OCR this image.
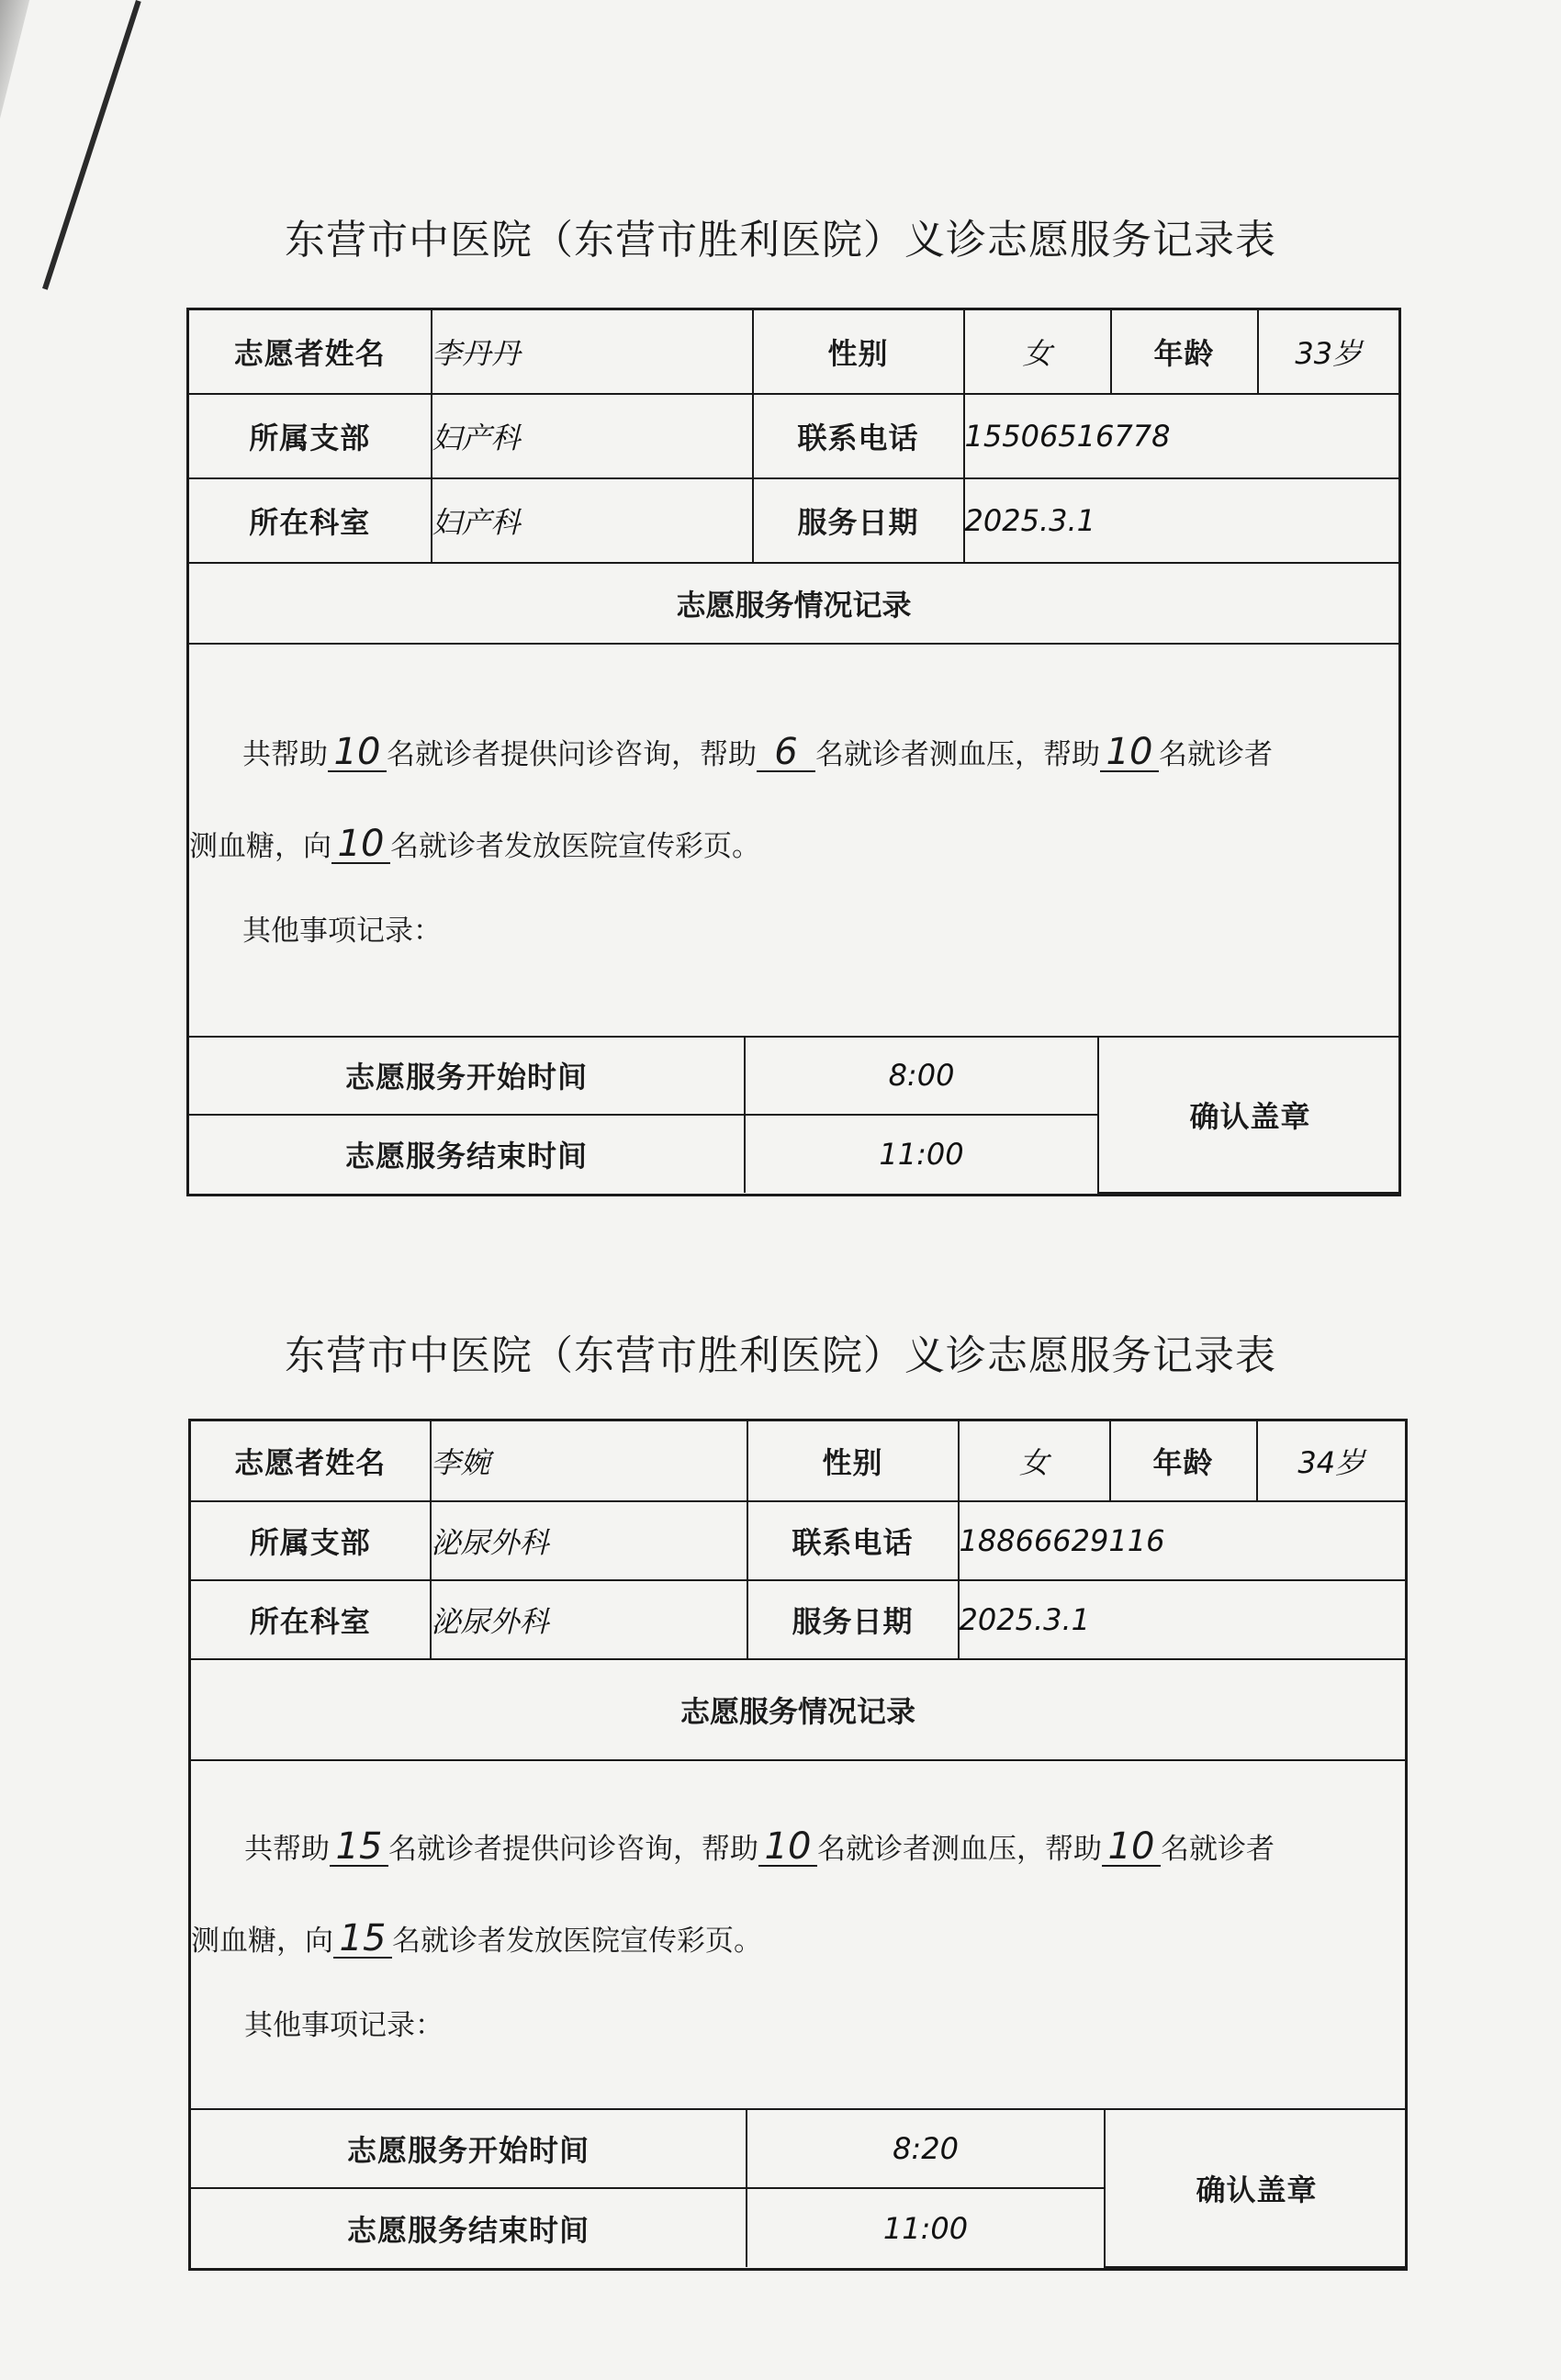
东营市中医院（东营市胜利医院）义诊志愿服务记录表
志愿者姓名	李丹丹	性别	女	年龄	33岁
所属支部	妇产科	联系电话	15506516778
所在科室	妇产科	服务日期	2025.3.1
志愿服务情况记录

共帮助 10 名就诊者提供问诊咨询，帮助 6 名就诊者测血压，帮助 10 名就诊者
测血糖，向 10 名就诊者发放医院宣传彩页。
其他事项记录：

志愿服务开始时间	8:00	确认盖章
志愿服务结束时间	11:00
东营市中医院（东营市胜利医院）义诊志愿服务记录表
志愿者姓名	李婉	性别	女	年龄	34岁
所属支部	泌尿外科	联系电话	18866629116
所在科室	泌尿外科	服务日期	2025.3.1
志愿服务情况记录

共帮助 15 名就诊者提供问诊咨询，帮助 10 名就诊者测血压，帮助 10 名就诊者
测血糖，向 15 名就诊者发放医院宣传彩页。
其他事项记录：

志愿服务开始时间	8:20	确认盖章
志愿服务结束时间	11:00
